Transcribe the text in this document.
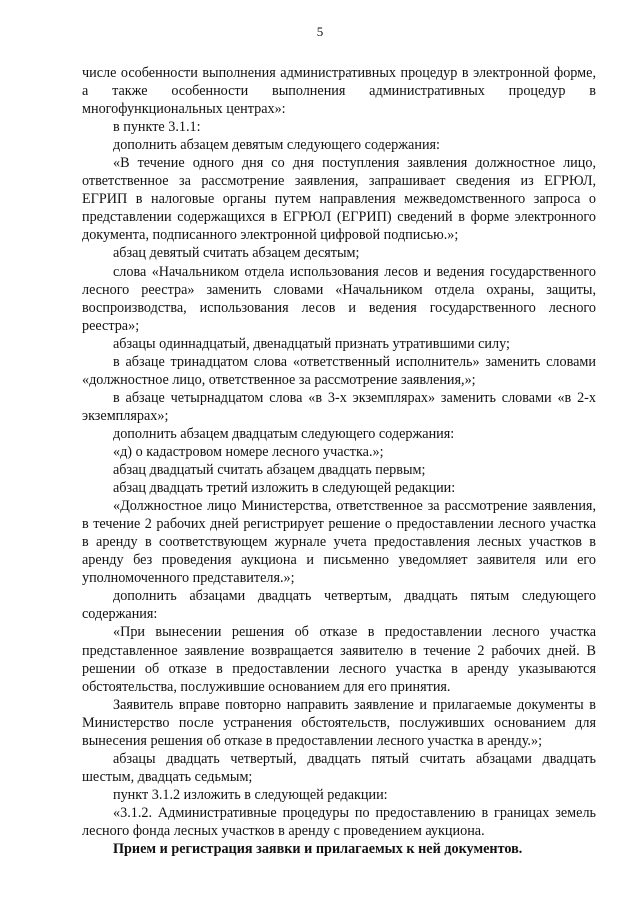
5

числе особенности выполнения административных процедур в электронной форме, а также особенности выполнения административных процедур в многофункциональных центрах»:

в пункте 3.1.1:

дополнить абзацем девятым следующего содержания:

«В течение одного дня со дня поступления заявления должностное лицо, ответственное за рассмотрение заявления, запрашивает сведения из ЕГРЮЛ, ЕГРИП в налоговые органы путем направления межведомственного запроса о представлении содержащихся в ЕГРЮЛ (ЕГРИП) сведений в форме электронного документа, подписанного электронной цифровой подписью.»;

абзац девятый считать абзацем десятым;

слова «Начальником отдела использования лесов и ведения государственного лесного реестра» заменить словами «Начальником отдела охраны, защиты, воспроизводства, использования лесов и ведения государственного лесного реестра»;

абзацы одиннадцатый, двенадцатый признать утратившими силу;

в абзаце тринадцатом слова «ответственный исполнитель» заменить словами «должностное лицо, ответственное за рассмотрение заявления,»;

в абзаце четырнадцатом слова «в 3-х экземплярах» заменить словами «в 2-х экземплярах»;

дополнить абзацем двадцатым следующего содержания:

«д) о кадастровом номере лесного участка.»;

абзац двадцатый считать абзацем двадцать первым;

абзац двадцать третий изложить в следующей редакции:

«Должностное лицо Министерства, ответственное за рассмотрение заявления, в течение 2 рабочих дней регистрирует решение о предоставлении лесного участка в аренду в соответствующем журнале учета предоставления лесных участков в аренду без проведения аукциона и письменно уведомляет заявителя или его уполномоченного представителя.»;

дополнить абзацами двадцать четвертым, двадцать пятым следующего содержания:

«При вынесении решения об отказе в предоставлении лесного участка представленное заявление возвращается заявителю в течение 2 рабочих дней. В решении об отказе в предоставлении лесного участка в аренду указываются обстоятельства, послужившие основанием для его принятия.

Заявитель вправе повторно направить заявление и прилагаемые документы в Министерство после устранения обстоятельств, послуживших основанием для вынесения решения об отказе в предоставлении лесного участка в аренду.»;

абзацы двадцать четвертый, двадцать пятый считать абзацами двадцать шестым, двадцать седьмым;

пункт 3.1.2 изложить в следующей редакции:

«3.1.2. Административные процедуры по предоставлению в границах земель лесного фонда лесных участков в аренду с проведением аукциона.

Прием и регистрация заявки и прилагаемых к ней документов.
